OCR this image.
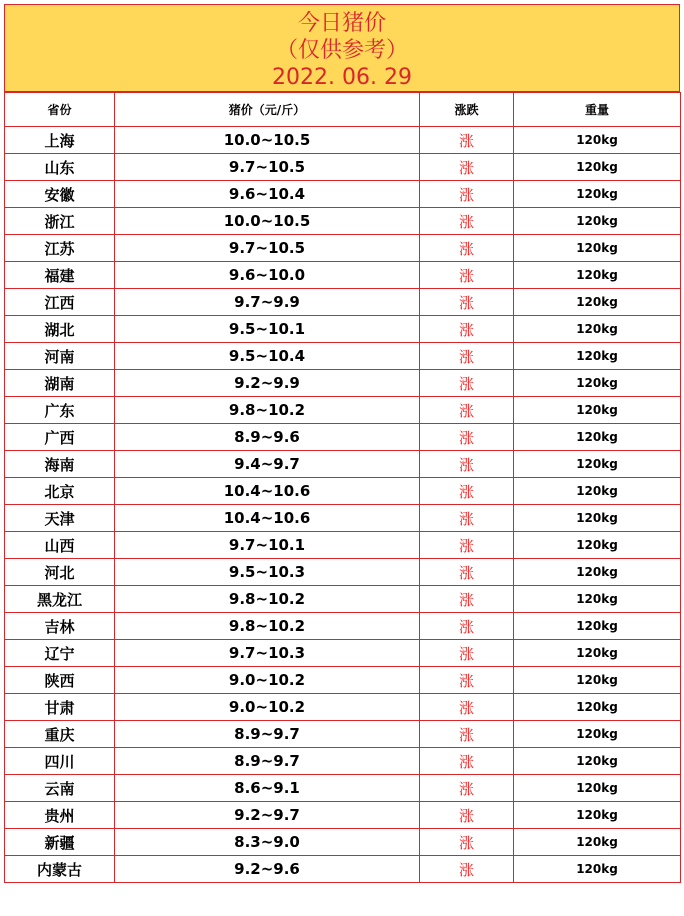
今日猪价
（仅供参考）
2022. 06. 29
省份	猪价（元/斤）	涨跌	重量
上海	10.0~10.5	涨	120kg
山东	9.7~10.5	涨	120kg
安徽	9.6~10.4	涨	120kg
浙江	10.0~10.5	涨	120kg
江苏	9.7~10.5	涨	120kg
福建	9.6~10.0	涨	120kg
江西	9.7~9.9	涨	120kg
湖北	9.5~10.1	涨	120kg
河南	9.5~10.4	涨	120kg
湖南	9.2~9.9	涨	120kg
广东	9.8~10.2	涨	120kg
广西	8.9~9.6	涨	120kg
海南	9.4~9.7	涨	120kg
北京	10.4~10.6	涨	120kg
天津	10.4~10.6	涨	120kg
山西	9.7~10.1	涨	120kg
河北	9.5~10.3	涨	120kg
黑龙江	9.8~10.2	涨	120kg
吉林	9.8~10.2	涨	120kg
辽宁	9.7~10.3	涨	120kg
陕西	9.0~10.2	涨	120kg
甘肃	9.0~10.2	涨	120kg
重庆	8.9~9.7	涨	120kg
四川	8.9~9.7	涨	120kg
云南	8.6~9.1	涨	120kg
贵州	9.2~9.7	涨	120kg
新疆	8.3~9.0	涨	120kg
内蒙古	9.2~9.6	涨	120kg
